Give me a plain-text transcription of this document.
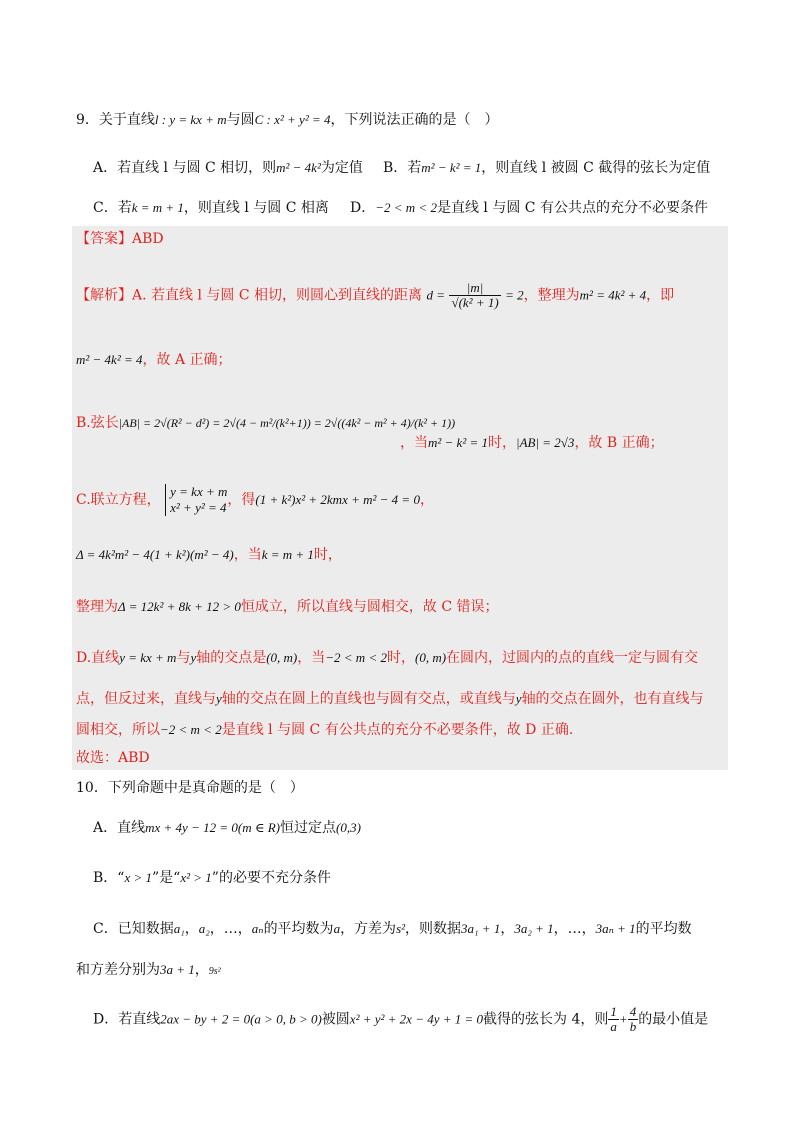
9．关于直线l : y = kx + m与圆C : x² + y² = 4，下列说法正确的是（　）
A．若直线 l 与圆 C 相切，则m² − 4k²为定值 B．若m² − k² = 1，则直线 l 被圆 C 截得的弦长为定值
C．若k = m + 1，则直线 l 与圆 C 相离 D．−2 < m < 2是直线 l 与圆 C 有公共点的充分不必要条件
【答案】ABD
【解析】A. 若直线 l 与圆 C 相切，则圆心到直线的距离 $d = \frac{|m|}{\text{√(k² + 1)}} = 2$，整理为m² = 4k² + 4，即
m² − 4k² = 4，故 A 正确；
B.弦长|AB| = 2√(R² − d²) = 2√(4 − m²/(k²+1)) = 2√((4k² − m² + 4)/(k² + 1))
，当m² − k² = 1时，|AB| = 2√3，故 B 正确；
C.联立方程，
y = kx + m
x² + y² = 4 ，得(1 + k²)x² + 2kmx + m² − 4 = 0，
Δ = 4k²m² − 4(1 + k²)(m² − 4)，当k = m + 1时，
整理为Δ = 12k² + 8k + 12 > 0恒成立，所以直线与圆相交，故 C 错误；
D.直线y = kx + m与y轴的交点是(0, m)，当−2 < m < 2时，(0, m)在圆内，过圆内的点的直线一定与圆有交
点，但反过来，直线与y轴的交点在圆上的直线也与圆有交点，或直线与y轴的交点在圆外，也有直线与
圆相交，所以−2 < m < 2是直线 l 与圆 C 有公共点的充分不必要条件，故 D 正确.
故选：ABD
10．下列命题中是真命题的是（　）
A．直线mx + 4y − 12 = 0(m ∈ R)恒过定点(0,3)
B．“x > 1”是“x² > 1”的必要不充分条件
C．已知数据a₁，a₂，…，aₙ的平均数为a，方差为s²，则数据3a₁ + 1，3a₂ + 1，…，3aₙ + 1的平均数
和方差分别为3a + 1，9s²
D．若直线2ax − by + 2 = 0(a > 0, b > 0)被圆x² + y² + 2x − 4y + 1 = 0截得的弦长为 4，则 $\frac{1}{a} + \frac{4}{b}$ 的最小值是
